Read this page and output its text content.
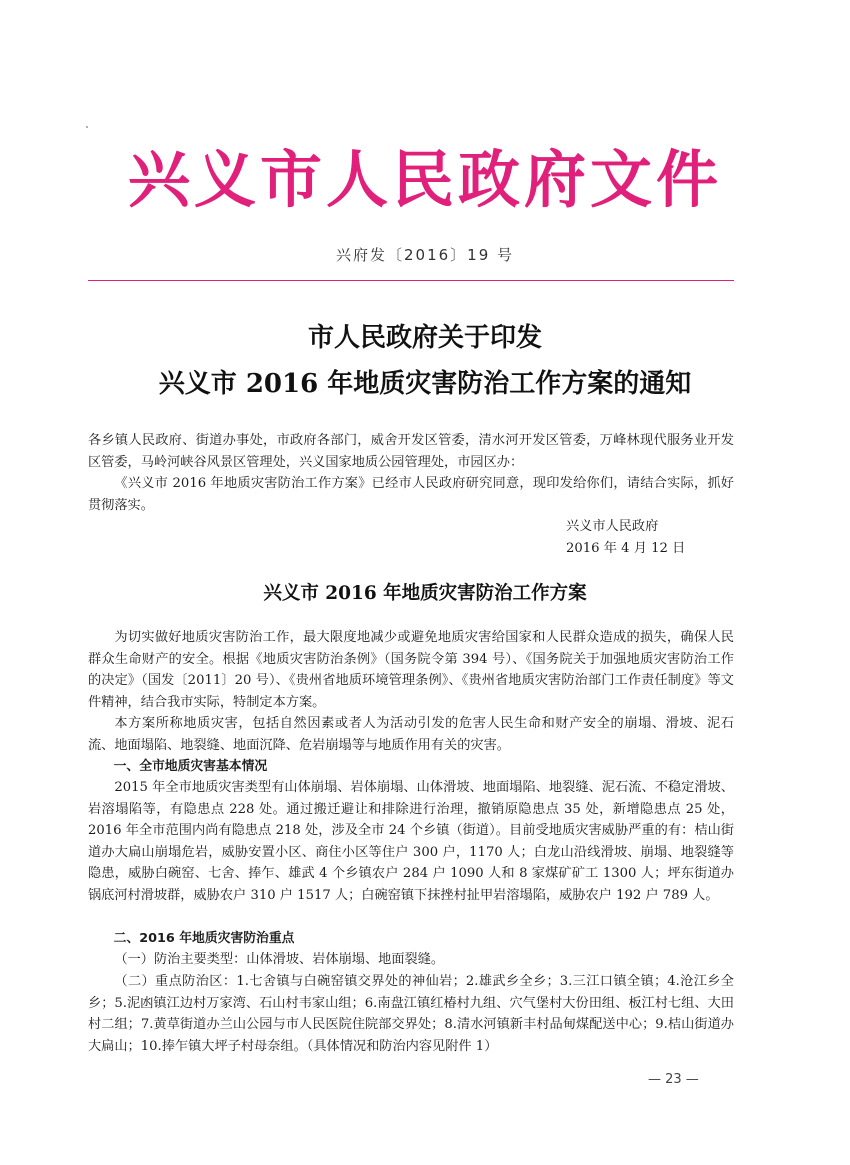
兴义市人民政府文件
兴府发〔2016〕19 号
市人民政府关于印发
兴义市 2016 年地质灾害防治工作方案的通知
各乡镇人民政府、街道办事处，市政府各部门，威舍开发区管委，清水河开发区管委，万峰林现代服务业开发区管委，马岭河峡谷风景区管理处，兴义国家地质公园管理处，市园区办：
《兴义市 2016 年地质灾害防治工作方案》已经市人民政府研究同意，现印发给你们，请结合实际，抓好贯彻落实。
兴义市人民政府
2016 年 4 月 12 日
兴义市 2016 年地质灾害防治工作方案
为切实做好地质灾害防治工作，最大限度地减少或避免地质灾害给国家和人民群众造成的损失，确保人民群众生命财产的安全。根据《地质灾害防治条例》（国务院令第 394 号）、《国务院关于加强地质灾害防治工作的决定》（国发〔2011〕20 号）、《贵州省地质环境管理条例》、《贵州省地质灾害防治部门工作责任制度》等文件精神，结合我市实际，特制定本方案。
本方案所称地质灾害，包括自然因素或者人为活动引发的危害人民生命和财产安全的崩塌、滑坡、泥石流、地面塌陷、地裂缝、地面沉降、危岩崩塌等与地质作用有关的灾害。
一、全市地质灾害基本情况
2015 年全市地质灾害类型有山体崩塌、岩体崩塌、山体滑坡、地面塌陷、地裂缝、泥石流、不稳定滑坡、岩溶塌陷等，有隐患点 228 处。通过搬迁避让和排除进行治理，撤销原隐患点 35 处，新增隐患点 25 处，2016 年全市范围内尚有隐患点 218 处，涉及全市 24 个乡镇（街道）。目前受地质灾害威胁严重的有：桔山街道办大扁山崩塌危岩，威胁安置小区、商住小区等住户 300 户，1170 人；白龙山沿线滑坡、崩塌、地裂缝等隐患，威胁白碗窑、七舍、捧乍、雄武 4 个乡镇农户 284 户 1090 人和 8 家煤矿矿工 1300 人；坪东街道办锅底河村滑坡群，威胁农户 310 户 1517 人；白碗窑镇下抹挫村扯甲岩溶塌陷，威胁农户 192 户 789 人。
二、2016 年地质灾害防治重点
（一）防治主要类型：山体滑坡、岩体崩塌、地面裂缝。
（二）重点防治区：1.七舍镇与白碗窑镇交界处的神仙岩；2.雄武乡全乡；3.三江口镇全镇；4.沧江乡全乡；5.泥凼镇江边村万家湾、石山村韦家山组；6.南盘江镇红椿村九组、穴气堡村大份田组、板江村七组、大田村二组；7.黄草街道办兰山公园与市人民医院住院部交界处；8.清水河镇新丰村品甸煤配送中心；9.桔山街道办大扁山；10.捧乍镇大坪子村母奈组。（具体情况和防治内容见附件 1）
— 23 —
